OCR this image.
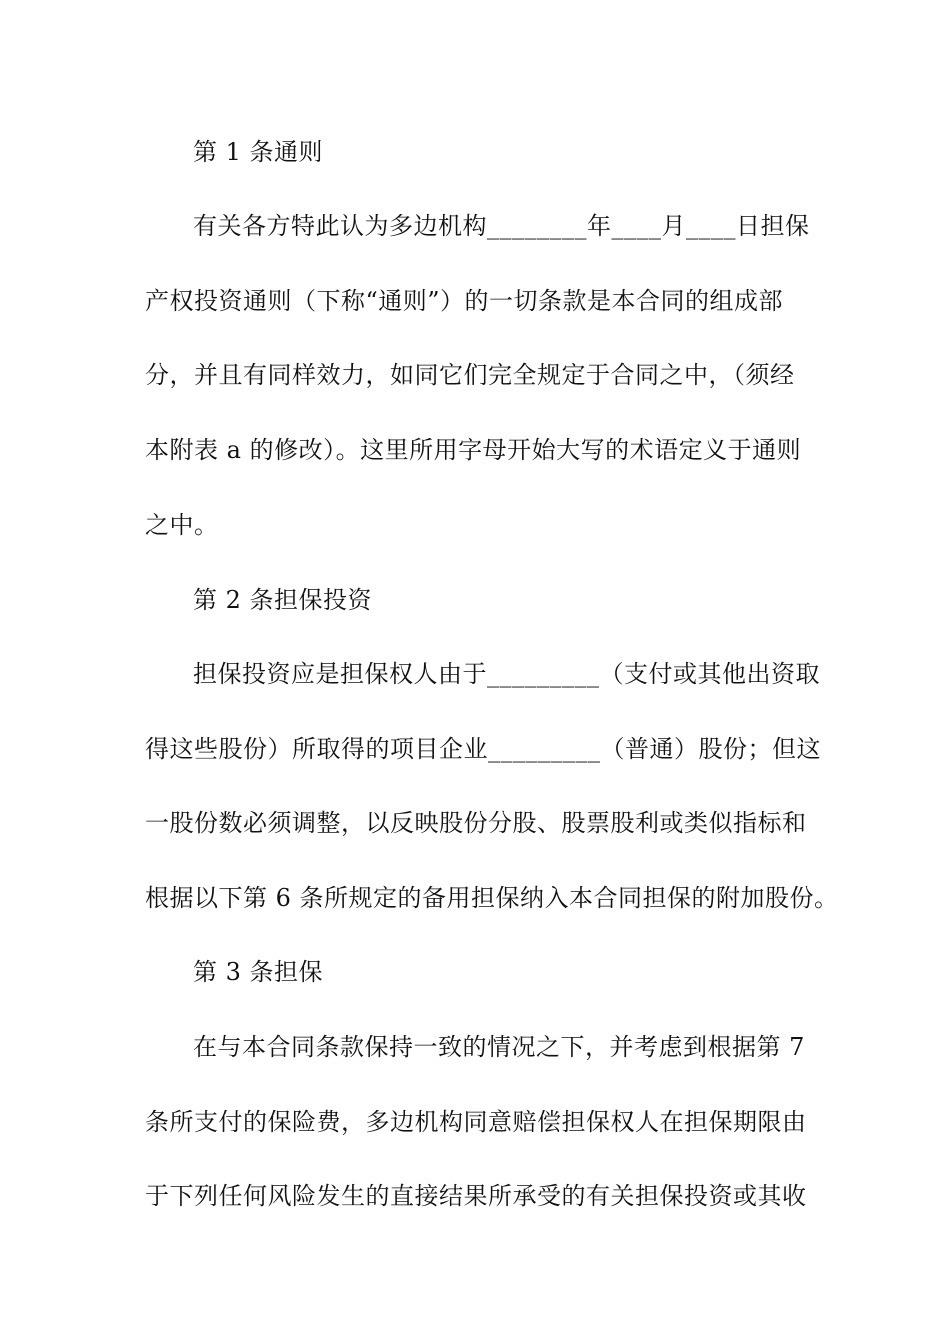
第 1 条通则
有关各方特此认为多边机构________年____月____日担保
产权投资通则（下称“通则”）的一切条款是本合同的组成部
分，并且有同样效力，如同它们完全规定于合同之中，（须经
本附表 a 的修改）。这里所用字母开始大写的术语定义于通则
之中。
第 2 条担保投资
担保投资应是担保权人由于_________（支付或其他出资取
得这些股份）所取得的项目企业_________（普通）股份；但这
一股份数必须调整，以反映股份分股、股票股利或类似指标和
根据以下第 6 条所规定的备用担保纳入本合同担保的附加股份。
第 3 条担保
在与本合同条款保持一致的情况之下，并考虑到根据第 7
条所支付的保险费，多边机构同意赔偿担保权人在担保期限由
于下列任何风险发生的直接结果所承受的有关担保投资或其收
